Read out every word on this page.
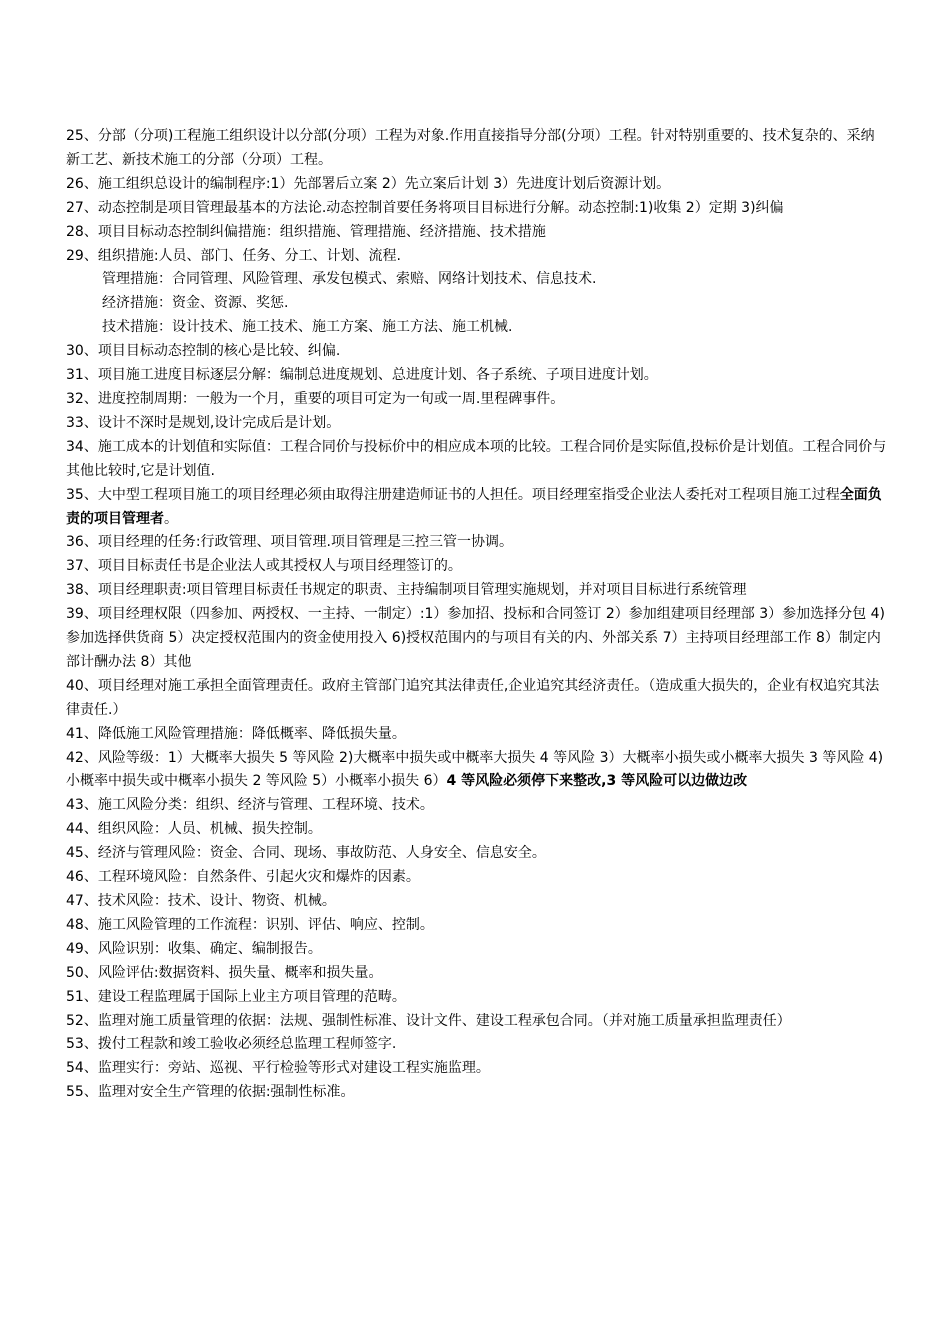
25、分部（分项)工程施工组织设计以分部(分项）工程为对象.作用直接指导分部(分项）工程。针对特别重要的、技术复杂的、采纳新工艺、新技术施工的分部（分项）工程。

26、施工组织总设计的编制程序:1）先部署后立案 2）先立案后计划 3）先进度计划后资源计划。

27、动态控制是项目管理最基本的方法论.动态控制首要任务将项目目标进行分解。动态控制:1)收集 2）定期 3)纠偏

28、项目目标动态控制纠偏措施：组织措施、管理措施、经济措施、技术措施

29、组织措施:人员、部门、任务、分工、计划、流程.

管理措施：合同管理、风险管理、承发包模式、索赔、网络计划技术、信息技术.

经济措施：资金、资源、奖惩.

技术措施：设计技术、施工技术、施工方案、施工方法、施工机械.

30、项目目标动态控制的核心是比较、纠偏.

31、项目施工进度目标逐层分解：编制总进度规划、总进度计划、各子系统、子项目进度计划。

32、进度控制周期：一般为一个月，重要的项目可定为一旬或一周.里程碑事件。

33、设计不深时是规划,设计完成后是计划。

34、施工成本的计划值和实际值：工程合同价与投标价中的相应成本项的比较。工程合同价是实际值,投标价是计划值。工程合同价与其他比较时,它是计划值.

35、大中型工程项目施工的项目经理必须由取得注册建造师证书的人担任。项目经理室指受企业法人委托对工程项目施工过程全面负责的项目管理者。

36、项目经理的任务:行政管理、项目管理.项目管理是三控三管一协调。

37、项目目标责任书是企业法人或其授权人与项目经理签订的。

38、项目经理职责:项目管理目标责任书规定的职责、主持编制项目管理实施规划，并对项目目标进行系统管理

39、项目经理权限（四参加、两授权、一主持、一制定）:1）参加招、投标和合同签订 2）参加组建项目经理部 3）参加选择分包 4)参加选择供货商 5）决定授权范围内的资金使用投入 6)授权范围内的与项目有关的内、外部关系 7）主持项目经理部工作 8）制定内部计酬办法 8）其他

40、项目经理对施工承担全面管理责任。政府主管部门追究其法律责任,企业追究其经济责任。（造成重大损失的，企业有权追究其法律责任.）

41、降低施工风险管理措施：降低概率、降低损失量。

42、风险等级：1）大概率大损失 5 等风险 2)大概率中损失或中概率大损失 4 等风险 3）大概率小损失或小概率大损失 3 等风险 4)小概率中损失或中概率小损失 2 等风险 5）小概率小损失 6）4 等风险必须停下来整改,3 等风险可以边做边改

43、施工风险分类：组织、经济与管理、工程环境、技术。

44、组织风险：人员、机械、损失控制。

45、经济与管理风险：资金、合同、现场、事故防范、人身安全、信息安全。

46、工程环境风险：自然条件、引起火灾和爆炸的因素。

47、技术风险：技术、设计、物资、机械。

48、施工风险管理的工作流程：识别、评估、响应、控制。

49、风险识别：收集、确定、编制报告。

50、风险评估:数据资料、损失量、概率和损失量。

51、建设工程监理属于国际上业主方项目管理的范畴。

52、监理对施工质量管理的依据：法规、强制性标准、设计文件、建设工程承包合同。（并对施工质量承担监理责任）

53、拨付工程款和竣工验收必须经总监理工程师签字.

54、监理实行：旁站、巡视、平行检验等形式对建设工程实施监理。

55、监理对安全生产管理的依据:强制性标准。
